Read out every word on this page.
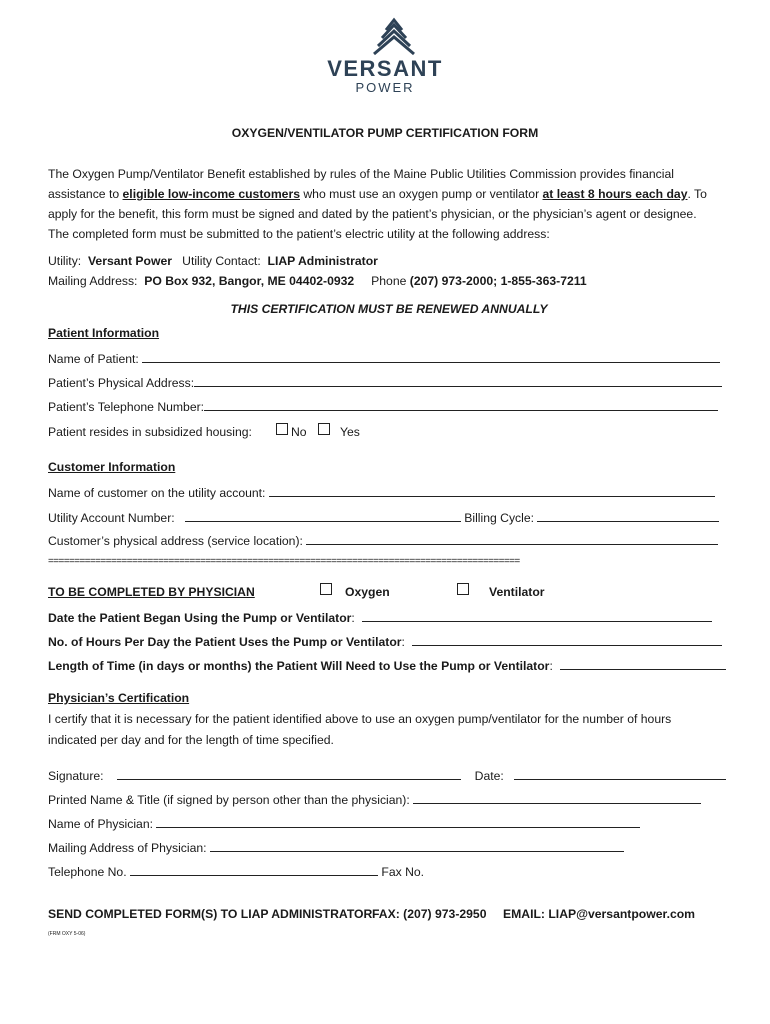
VERSANT
POWER
OXYGEN/VENTILATOR PUMP CERTIFICATION FORM
The Oxygen Pump/Ventilator Benefit established by rules of the Maine Public Utilities Commission provides financial
assistance to eligible low-income customers who must use an oxygen pump or ventilator at least 8 hours each day. To
apply for the benefit, this form must be signed and dated by the patient’s physician, or the physician’s agent or designee.
The completed form must be submitted to the patient’s electric utility at the following address:
Utility: Versant Power Utility Contact: LIAP Administrator
Mailing Address: PO Box 932, Bangor, ME 04402-0932 Phone (207) 973-2000; 1-855-363-7211
THIS CERTIFICATION MUST BE RENEWED ANNUALLY
Patient Information
Name of Patient:
Patient’s Physical Address:
Patient’s Telephone Number:
Patient resides in subsidized housing:	No	Yes
Customer Information
Name of customer on the utility account:
Utility Account Number:	Billing Cycle:
Customer’s physical address (service location):
==========================================================================================
TO BE COMPLETED BY PHYSICIAN	Oxygen	Ventilator
Date the Patient Began Using the Pump or Ventilator:
No. of Hours Per Day the Patient Uses the Pump or Ventilator:
Length of Time (in days or months) the Patient Will Need to Use the Pump or Ventilator:
Physician’s Certification
I certify that it is necessary for the patient identified above to use an oxygen pump/ventilator for the number of hours
indicated per day and for the length of time specified.
Signature:	Date:
Printed Name & Title (if signed by person other than the physician):
Name of Physician:
Mailing Address of Physician:
Telephone No.	Fax No.
SEND COMPLETED FORM(S) TO LIAP ADMINISTRATOR FAX: (207) 973-2950 EMAIL: LIAP@versantpower.com
(FRM OXY 5-06)
